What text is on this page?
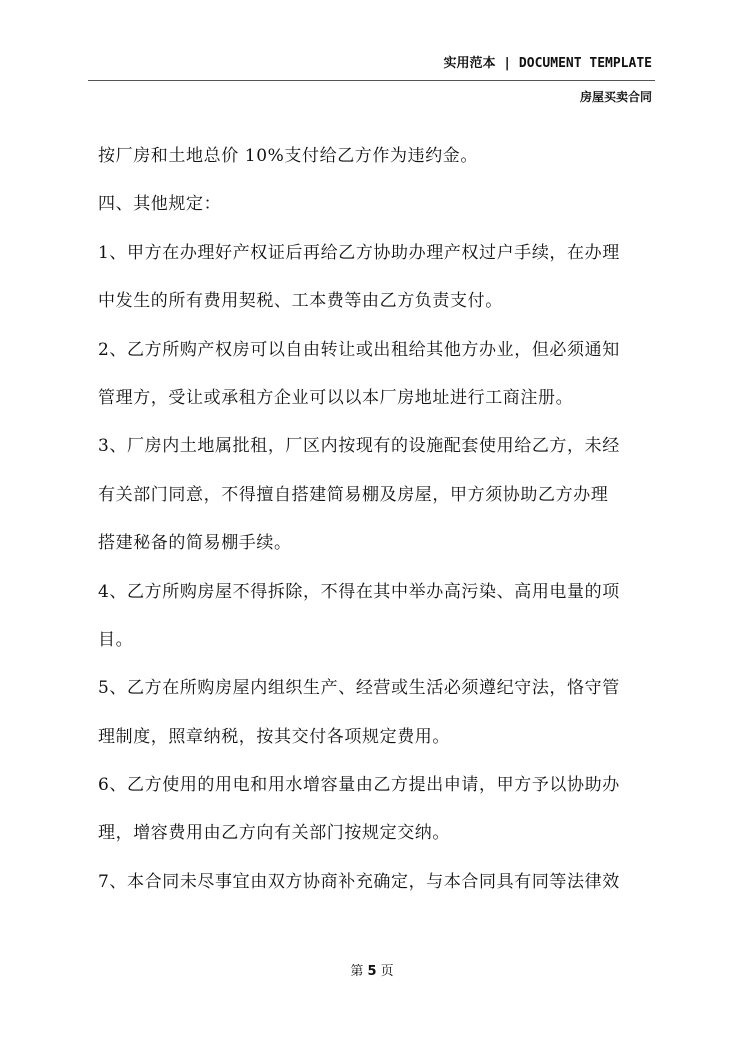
实用范本 | DOCUMENT TEMPLATE
房屋买卖合同
按厂房和土地总价 10%支付给乙方作为违约金。
四、其他规定：
1、甲方在办理好产权证后再给乙方协助办理产权过户手续，在办理
中发生的所有费用契税、工本费等由乙方负责支付。
2、乙方所购产权房可以自由转让或出租给其他方办业，但必须通知
管理方，受让或承租方企业可以以本厂房地址进行工商注册。
3、厂房内土地属批租，厂区内按现有的设施配套使用给乙方，未经
有关部门同意，不得擅自搭建简易棚及房屋，甲方须协助乙方办理
搭建秘备的简易棚手续。
4、乙方所购房屋不得拆除，不得在其中举办高污染、高用电量的项
目。
5、乙方在所购房屋内组织生产、经营或生活必须遵纪守法，恪守管
理制度，照章纳税，按其交付各项规定费用。
6、乙方使用的用电和用水增容量由乙方提出申请，甲方予以协助办
理，增容费用由乙方向有关部门按规定交纳。
7、本合同未尽事宜由双方协商补充确定，与本合同具有同等法律效
第 5 页
